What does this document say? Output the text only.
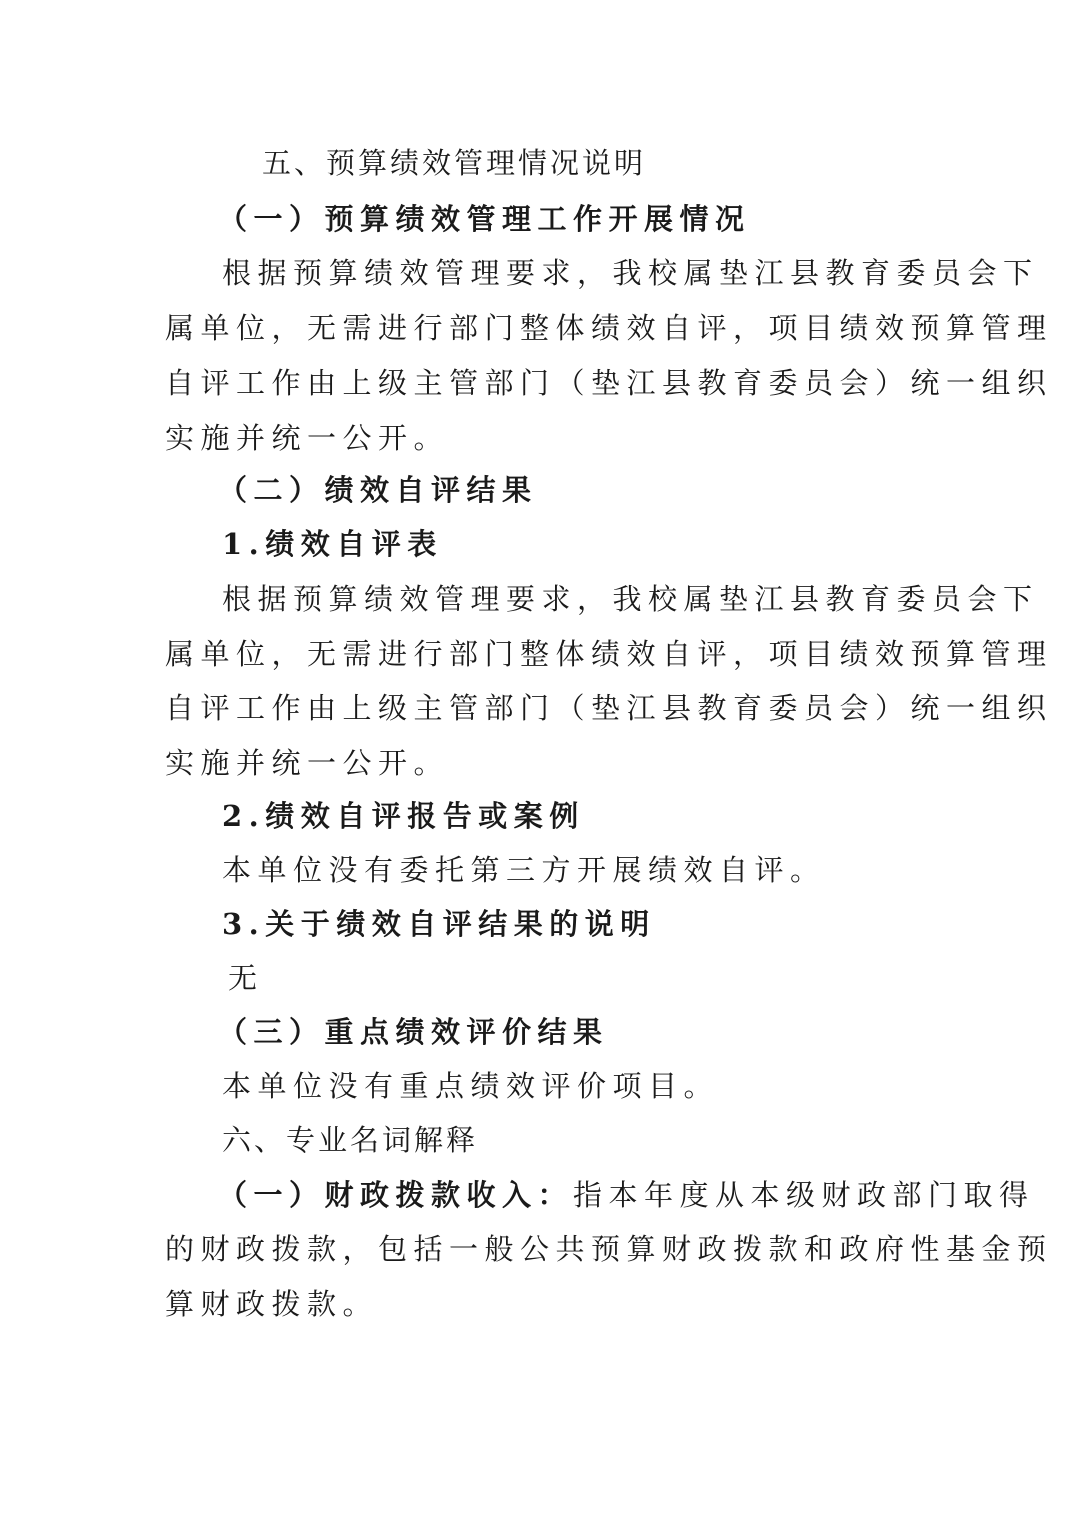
五、预算绩效管理情况说明
（一）预算绩效管理工作开展情况
根据预算绩效管理要求，我校属垫江县教育委员会下
属单位，无需进行部门整体绩效自评，项目绩效预算管理
自评工作由上级主管部门（垫江县教育委员会）统一组织
实施并统一公开。
（二）绩效自评结果
1.绩效自评表
根据预算绩效管理要求，我校属垫江县教育委员会下
属单位，无需进行部门整体绩效自评，项目绩效预算管理
自评工作由上级主管部门（垫江县教育委员会）统一组织
实施并统一公开。
2.绩效自评报告或案例
本单位没有委托第三方开展绩效自评。
3.关于绩效自评结果的说明
无
（三）重点绩效评价结果
本单位没有重点绩效评价项目。
六、专业名词解释
（一）财政拨款收入：指本年度从本级财政部门取得
的财政拨款，包括一般公共预算财政拨款和政府性基金预
算财政拨款。
